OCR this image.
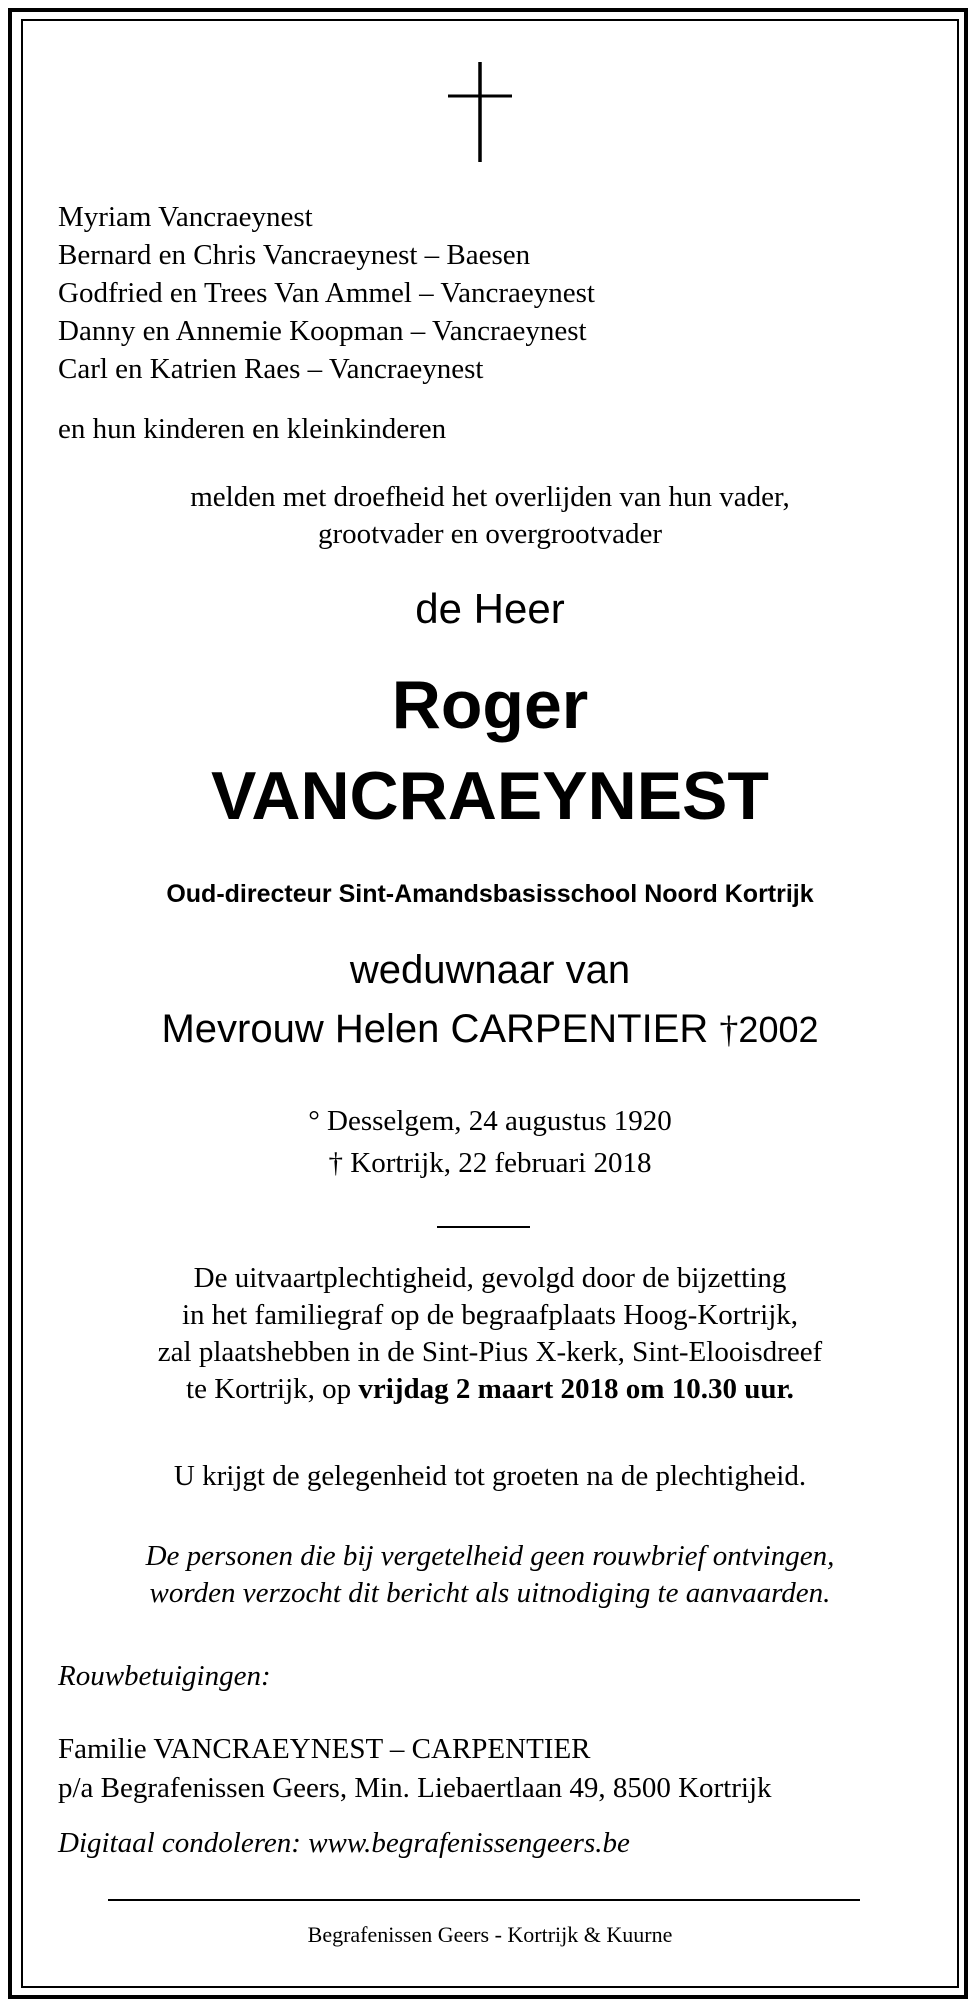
Myriam Vancraeynest
Bernard en Chris Vancraeynest – Baesen
Godfried en Trees Van Ammel – Vancraeynest
Danny en Annemie Koopman – Vancraeynest
Carl en Katrien Raes – Vancraeynest
en hun kinderen en kleinkinderen
melden met droefheid het overlijden van hun vader,
grootvader en overgrootvader
de Heer
Roger
VANCRAEYNEST
Oud-directeur Sint-Amandsbasisschool Noord Kortrijk
weduwnaar van
Mevrouw Helen CARPENTIER †2002
° Desselgem, 24 augustus 1920
† Kortrijk, 22 februari 2018
De uitvaartplechtigheid, gevolgd door de bijzetting
in het familiegraf op de begraafplaats Hoog-Kortrijk,
zal plaatshebben in de Sint-Pius X-kerk, Sint-Elooisdreef
te Kortrijk, op vrijdag 2 maart 2018 om 10.30 uur.
U krijgt de gelegenheid tot groeten na de plechtigheid.
De personen die bij vergetelheid geen rouwbrief ontvingen,
worden verzocht dit bericht als uitnodiging te aanvaarden.
Rouwbetuigingen:
Familie VANCRAEYNEST – CARPENTIER
p/a Begrafenissen Geers, Min. Liebaertlaan 49, 8500 Kortrijk
Digitaal condoleren: www.begrafenissengeers.be
Begrafenissen Geers - Kortrijk & Kuurne
